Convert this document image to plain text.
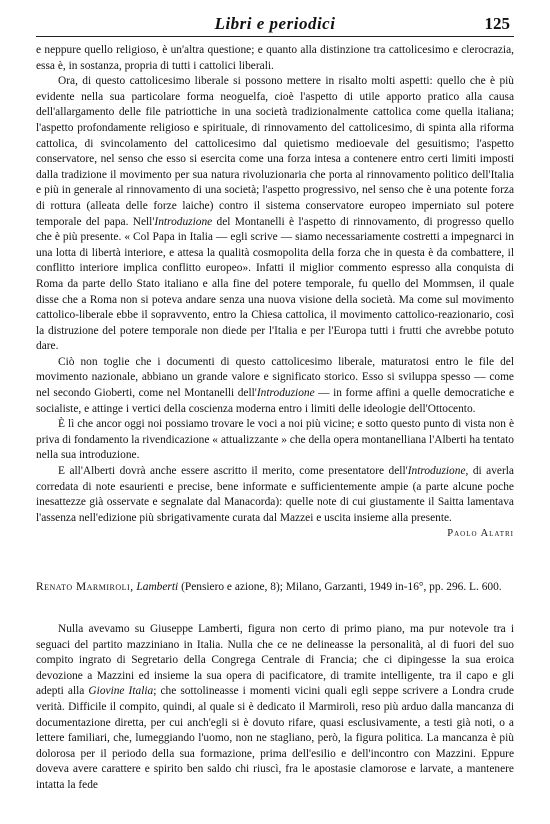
Libri e periodici	125

e neppure quello religioso, è un'altra questione; e quanto alla distinzione tra cattolicesimo e clerocrazia, essa è, in sostanza, propria di tutti i cattolici liberali.

Ora, di questo cattolicesimo liberale si possono mettere in risalto molti aspetti: quello che è più evidente nella sua particolare forma neoguelfa, cioè l'aspetto di utile apporto pratico alla causa dell'allargamento delle file patriottiche in una società tradizionalmente cattolica come quella italiana; l'aspetto profondamente religioso e spirituale, di rinnovamento del cattolicesimo, di spinta alla riforma cattolica, di svincolamento del cattolicesimo dal quietismo medioevale del gesuitismo; l'aspetto conservatore, nel senso che esso si esercita come una forza intesa a contenere entro certi limiti imposti dalla tradizione il movimento per sua natura rivoluzionaria che porta al rinnovamento politico dell'Italia e più in generale al rinnovamento di una società; l'aspetto progressivo, nel senso che è una potente forza di rottura (alleata delle forze laiche) contro il sistema conservatore europeo imperniato sul potere temporale del papa. Nell'Introduzione del Montanelli è l'aspetto di rinnovamento, di progresso quello che è più presente. « Col Papa in Italia — egli scrive — siamo necessariamente costretti a impegnarci in una lotta di libertà interiore, e attesa la qualità cosmopolita della forza che in questa è da combattere, il conflitto interiore implica conflitto europeo». Infatti il miglior commento espresso alla conquista di Roma da parte dello Stato italiano e alla fine del potere temporale, fu quello del Mommsen, il quale disse che a Roma non si poteva andare senza una nuova visione della società. Ma come sul movimento cattolico-liberale ebbe il sopravvento, entro la Chiesa cattolica, il movimento cattolico-reazionario, così la distruzione del potere temporale non diede per l'Italia e per l'Europa tutti i frutti che avrebbe potuto dare.

Ciò non toglie che i documenti di questo cattolicesimo liberale, maturatosi entro le file del movimento nazionale, abbiano un grande valore e significato storico. Esso si sviluppa spesso — come nel secondo Gioberti, come nel Montanelli dell'Introduzione — in forme affini a quelle democratiche e socialiste, e attinge i vertici della coscienza moderna entro i limiti delle ideologie dell'Ottocento.

È lì che ancor oggi noi possiamo trovare le voci a noi più vicine; e sotto questo punto di vista non è priva di fondamento la rivendicazione « attualizzante » che della opera montanelliana l'Alberti ha tentato nella sua introduzione.

E all'Alberti dovrà anche essere ascritto il merito, come presentatore dell'Introduzione, di averla corredata di note esaurienti e precise, bene informate e sufficientemente ampie (a parte alcune poche inesattezze già osservate e segnalate dal Manacorda): quelle note di cui giustamente il Saitta lamentava l'assenza nell'edizione più sbrigativamente curata dal Mazzei e uscita insieme alla presente.

Paolo Alatri
Renato Marmiroli, Lamberti (Pensiero e azione, 8); Milano, Garzanti, 1949 in-16°, pp. 296. L. 600.

Nulla avevamo su Giuseppe Lamberti, figura non certo di primo piano, ma pur notevole tra i seguaci del partito mazziniano in Italia. Nulla che ce ne delineasse la personalità, al di fuori del suo compito ingrato di Segretario della Congrega Centrale di Francia; che ci dipingesse la sua eroica devozione a Mazzini ed insieme la sua opera di pacificatore, di tramite intelligente, tra il capo e gli adepti alla Giovine Italia; che sottolineasse i momenti vicini quali egli seppe scrivere a Londra crude verità. Difficile il compito, quindi, al quale si è dedicato il Marmiroli, reso più arduo dalla mancanza di documentazione diretta, per cui anch'egli si è dovuto rifare, quasi esclusivamente, a testi già noti, o a lettere familiari, che, lumeggiando l'uomo, non ne stagliano, però, la figura politica. La mancanza è più dolorosa per il periodo della sua formazione, prima dell'esilio e dell'incontro con Mazzini. Eppure doveva avere carattere e spirito ben saldo chi riuscì, fra le apostasie clamorose e larvate, a mantenere intatta la fede
